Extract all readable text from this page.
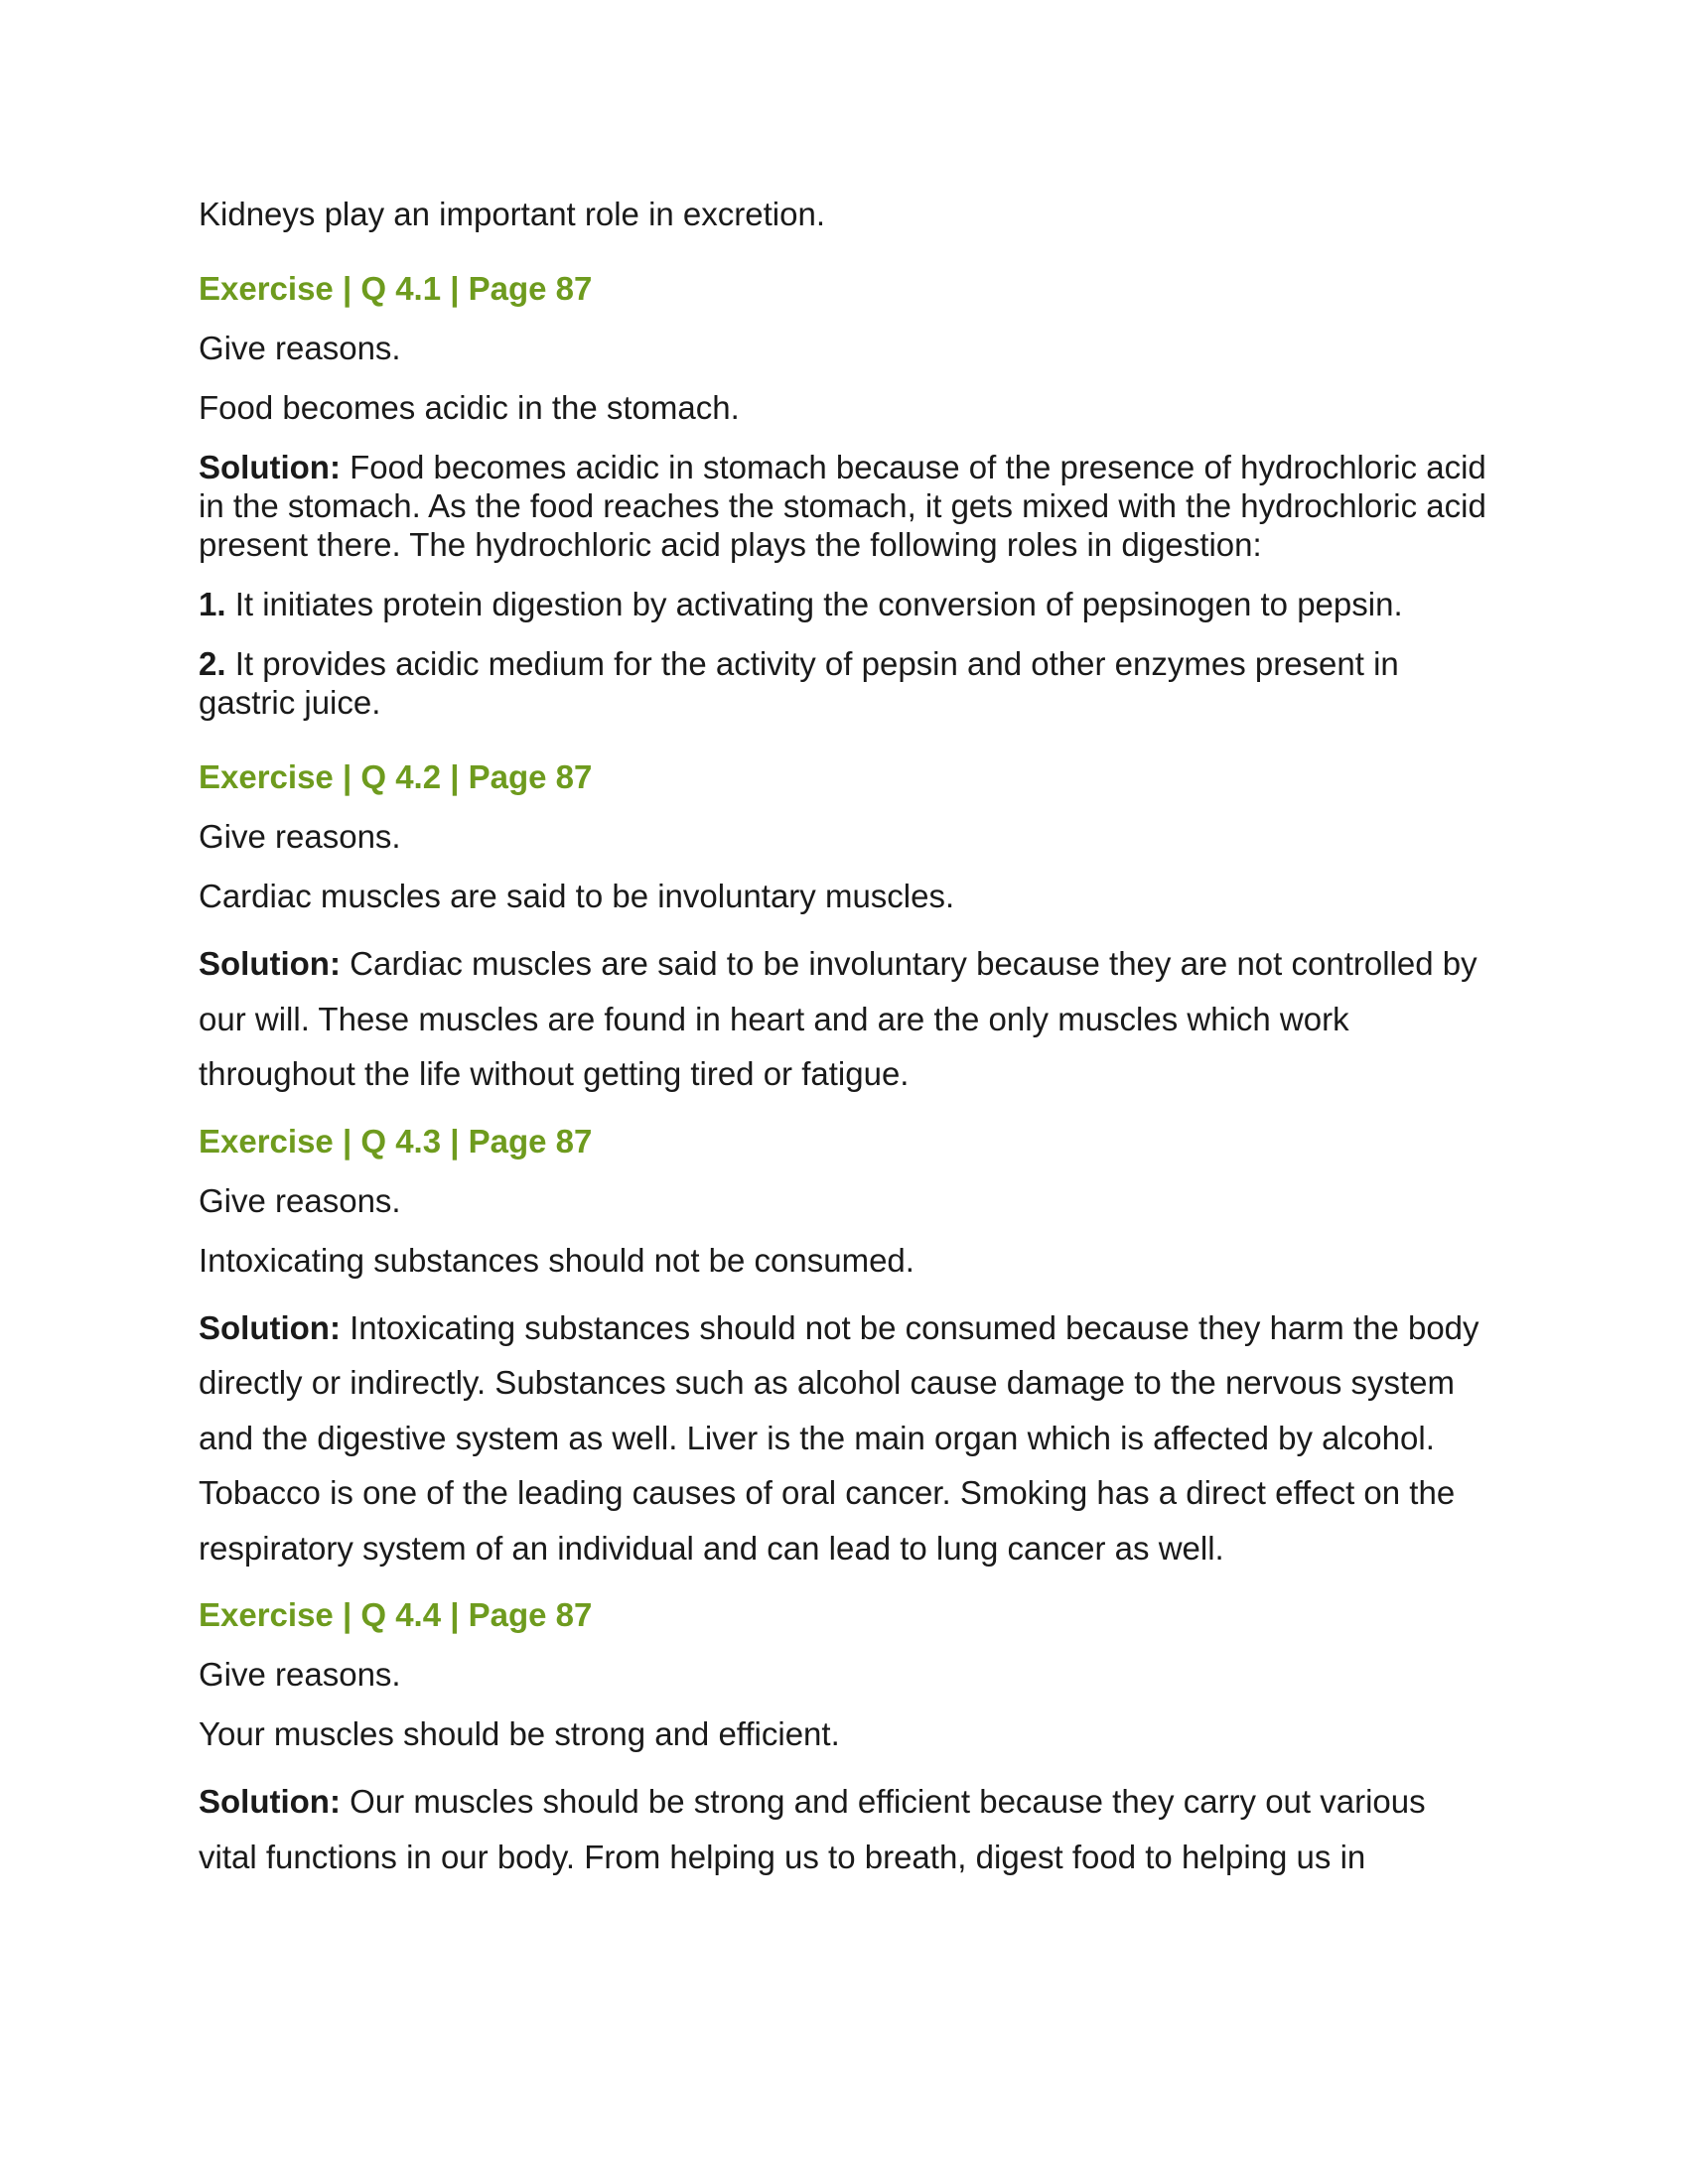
Kidneys play an important role in excretion.

Exercise | Q 4.1 | Page 87

Give reasons.

Food becomes acidic in the stomach.

Solution: Food becomes acidic in stomach because of the presence of hydrochloric acid in the stomach. As the food reaches the stomach, it gets mixed with the hydrochloric acid present there. The hydrochloric acid plays the following roles in digestion:

1. It initiates protein digestion by activating the conversion of pepsinogen to pepsin.

2. It provides acidic medium for the activity of pepsin and other enzymes present in gastric juice.

Exercise | Q 4.2 | Page 87

Give reasons.

Cardiac muscles are said to be involuntary muscles.

Solution: Cardiac muscles are said to be involuntary because they are not controlled by our will. These muscles are found in heart and are the only muscles which work throughout the life without getting tired or fatigue.

Exercise | Q 4.3 | Page 87

Give reasons.

Intoxicating substances should not be consumed.

Solution: Intoxicating substances should not be consumed because they harm the body directly or indirectly. Substances such as alcohol cause damage to the nervous system and the digestive system as well. Liver is the main organ which is affected by alcohol. Tobacco is one of the leading causes of oral cancer. Smoking has a direct effect on the respiratory system of an individual and can lead to lung cancer as well.

Exercise | Q 4.4 | Page 87

Give reasons.

Your muscles should be strong and efficient.

Solution: Our muscles should be strong and efficient because they carry out various vital functions in our body. From helping us to breath, digest food to helping us in
